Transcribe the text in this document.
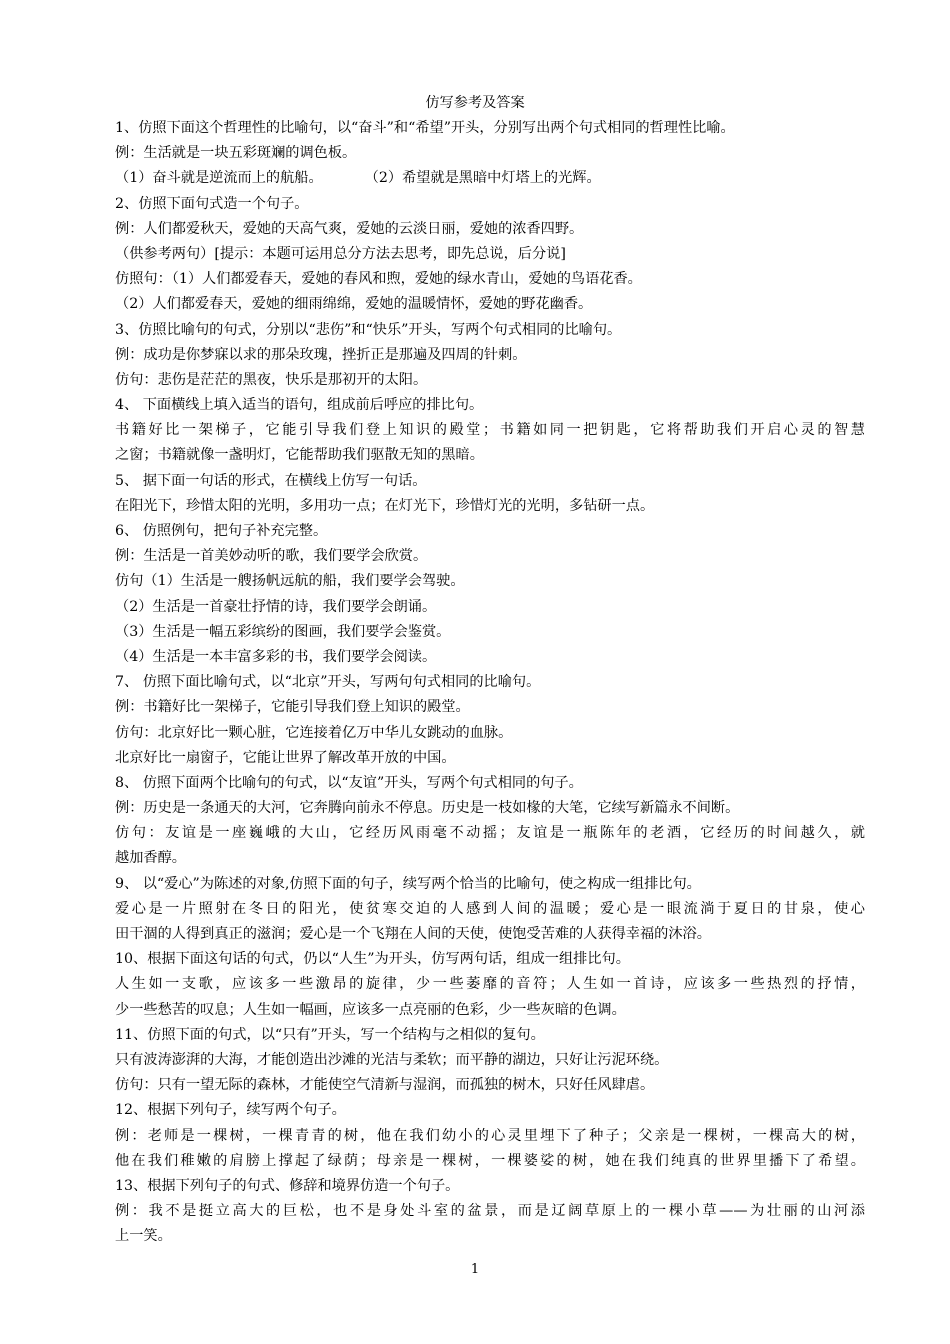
仿写参考及答案
1、仿照下面这个哲理性的比喻句，以“奋斗”和“希望”开头，分别写出两个句式相同的哲理性比喻。
例：生活就是一块五彩斑斓的调色板。
（1）奋斗就是逆流而上的航船。	（2）希望就是黑暗中灯塔上的光辉。
2、仿照下面句式造一个句子。
例：人们都爱秋天，爱她的天高气爽，爱她的云淡日丽，爱她的浓香四野。
（供参考两句）[提示：本题可运用总分方法去思考，即先总说，后分说]
仿照句：（1）人们都爱春天，爱她的春风和煦，爱她的绿水青山，爱她的鸟语花香。
（2）人们都爱春天，爱她的细雨绵绵，爱她的温暖情怀，爱她的野花幽香。
3、仿照比喻句的句式，分别以“悲伤”和“快乐”开头，写两个句式相同的比喻句。
例：成功是你梦寐以求的那朵玫瑰，挫折正是那遍及四周的针刺。
仿句：悲伤是茫茫的黑夜，快乐是那初开的太阳。
4、 下面横线上填入适当的语句，组成前后呼应的排比句。
书籍好比一架梯子，它能引导我们登上知识的殿堂；书籍如同一把钥匙，它将帮助我们开启心灵的智慧
之窗；书籍就像一盏明灯，它能帮助我们驱散无知的黑暗。
5、 据下面一句话的形式，在横线上仿写一句话。
在阳光下，珍惜太阳的光明，多用功一点；在灯光下，珍惜灯光的光明，多钻研一点。
6、 仿照例句，把句子补充完整。
例：生活是一首美妙动听的歌，我们要学会欣赏。
仿句（1）生活是一艘扬帆远航的船，我们要学会驾驶。
（2）生活是一首豪壮抒情的诗，我们要学会朗诵。
（3）生活是一幅五彩缤纷的图画，我们要学会鉴赏。
（4）生活是一本丰富多彩的书，我们要学会阅读。
7、 仿照下面比喻句式，以“北京”开头，写两句句式相同的比喻句。
例：书籍好比一架梯子，它能引导我们登上知识的殿堂。
仿句：北京好比一颗心脏，它连接着亿万中华儿女跳动的血脉。
北京好比一扇窗子，它能让世界了解改革开放的中国。
8、 仿照下面两个比喻句的句式，以“友谊”开头，写两个句式相同的句子。
例：历史是一条通天的大河，它奔腾向前永不停息。历史是一枝如椽的大笔，它续写新篇永不间断。
仿句：友谊是一座巍峨的大山，它经历风雨毫不动摇；友谊是一瓶陈年的老酒，它经历的时间越久，就
越加香醇。
9、 以“爱心”为陈述的对象,仿照下面的句子，续写两个恰当的比喻句，使之构成一组排比句。
爱心是一片照射在冬日的阳光，使贫寒交迫的人感到人间的温暖；爱心是一眼流淌于夏日的甘泉，使心
田干涸的人得到真正的滋润；爱心是一个飞翔在人间的天使，使饱受苦难的人获得幸福的沐浴。
10、根据下面这句话的句式，仍以“人生”为开头，仿写两句话，组成一组排比句。
人生如一支歌，应该多一些激昂的旋律，少一些萎靡的音符；人生如一首诗，应该多一些热烈的抒情，
少一些愁苦的叹息；人生如一幅画，应该多一点亮丽的色彩，少一些灰暗的色调。
11、仿照下面的句式，以“只有”开头，写一个结构与之相似的复句。
只有波涛澎湃的大海，才能创造出沙滩的光洁与柔软；而平静的湖边，只好让污泥环绕。
仿句：只有一望无际的森林，才能使空气清新与湿润，而孤独的树木，只好任风肆虐。
12、根据下列句子，续写两个句子。
例：老师是一棵树，一棵青青的树，他在我们幼小的心灵里埋下了种子；父亲是一棵树，一棵高大的树，
他在我们稚嫩的肩膀上撑起了绿荫；母亲是一棵树，一棵婆娑的树，她在我们纯真的世界里播下了希望。
13、根据下列句子的句式、修辞和境界仿造一个句子。
例：我不是挺立高大的巨松，也不是身处斗室的盆景，而是辽阔草原上的一棵小草——为壮丽的山河添
上一笑。
1
